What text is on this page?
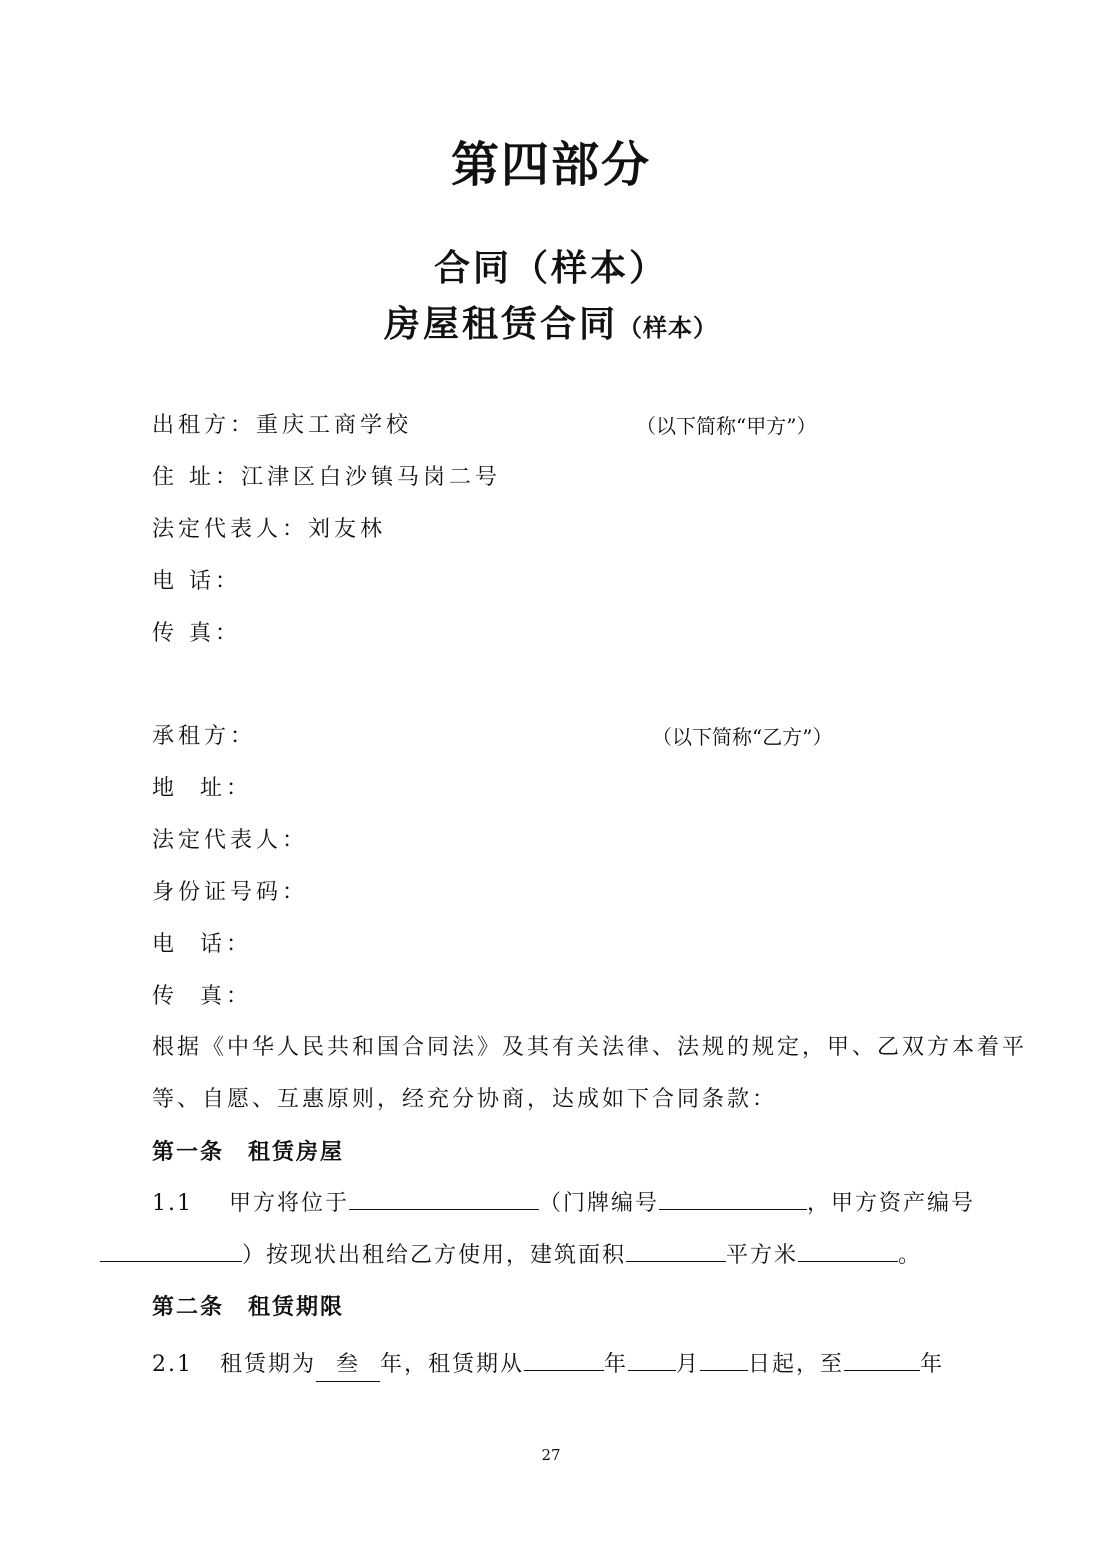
第四部分
合同（样本）
房屋租赁合同（样本）
出租方：重庆工商学校	（以下简称“甲方”）
住 址：江津区白沙镇马岗二号
法定代表人：刘友林
电 话：
传 真：
承租方：	（以下简称“乙方”）
地  址：
法定代表人：
身份证号码：
电  话：
传  真：
根据《中华人民共和国合同法》及其有关法律、法规的规定，甲、乙双方本着平等、自愿、互惠原则，经充分协商，达成如下合同条款：
第一条　租赁房屋
1.1 甲方将位于	（门牌编号	，甲方资产编号）按现状出租给乙方使用，建筑面积	平方米	。
第二条　租赁期限
2.1 租赁期为 叁 年，租赁期从	年 月 日起，至	年
27
